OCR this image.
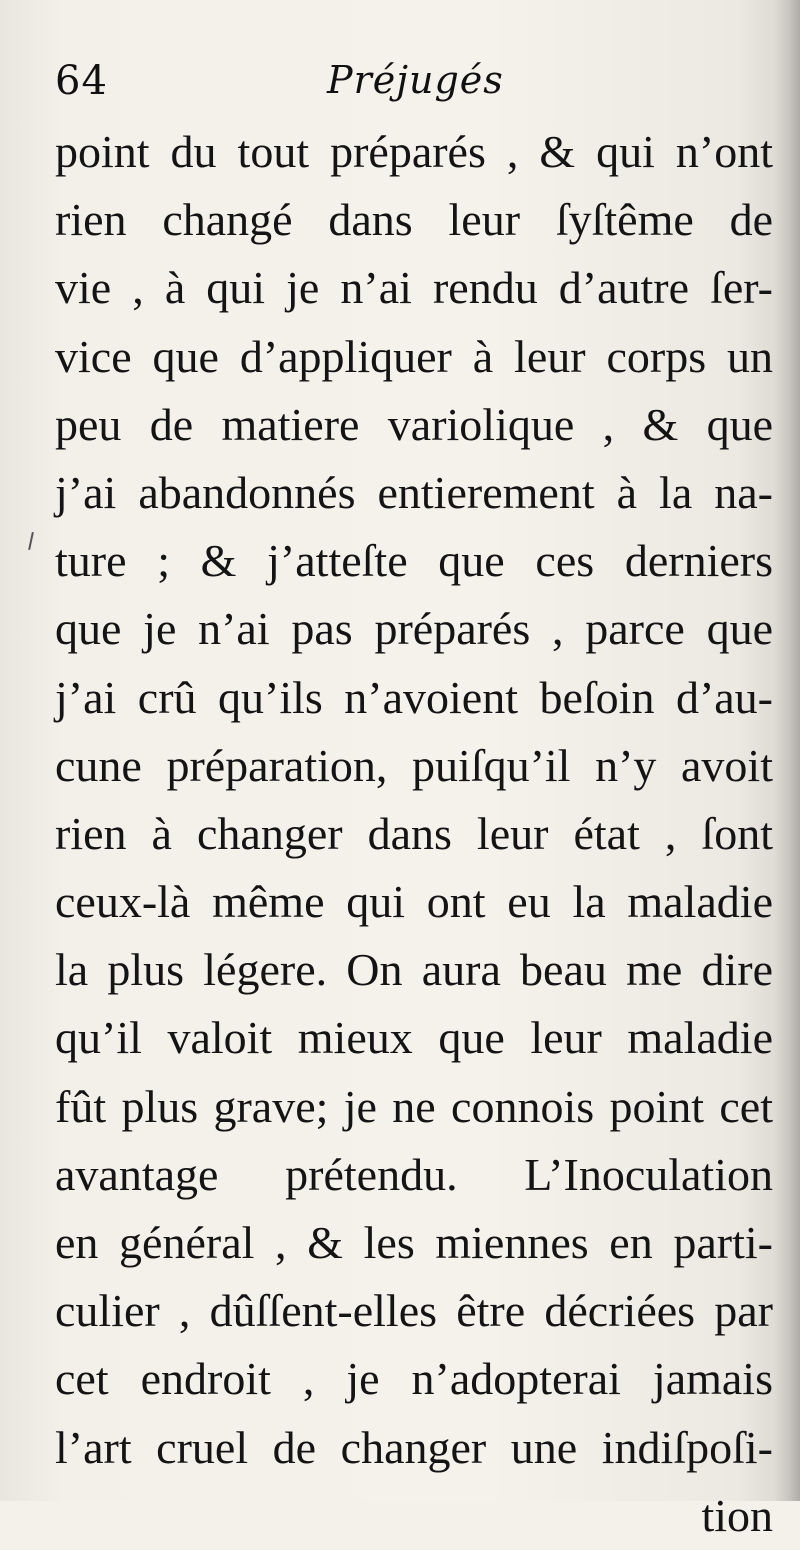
64	Préjugés
point du tout préparés , & qui n’ont
rien changé dans leur ſyſtême de
vie , à qui je n’ai rendu d’autre ſer-
vice que d’appliquer à leur corps un
peu de matiere variolique , & que
j’ai abandonnés entierement à la na-
ture ; & j’atteſte que ces derniers
que je n’ai pas préparés , parce que
j’ai crû qu’ils n’avoient beſoin d’au-
cune préparation, puiſqu’il n’y avoit
rien à changer dans leur état , ſont
ceux-là même qui ont eu la maladie
la plus légere. On aura beau me dire
qu’il valoit mieux que leur maladie
fût plus grave; je ne connois point cet
avantage prétendu. L’Inoculation
en général , & les miennes en parti-
culier , dûſſent-elles être décriées par
cet endroit , je n’adopterai jamais
l’art cruel de changer une indiſpoſi-
tion
